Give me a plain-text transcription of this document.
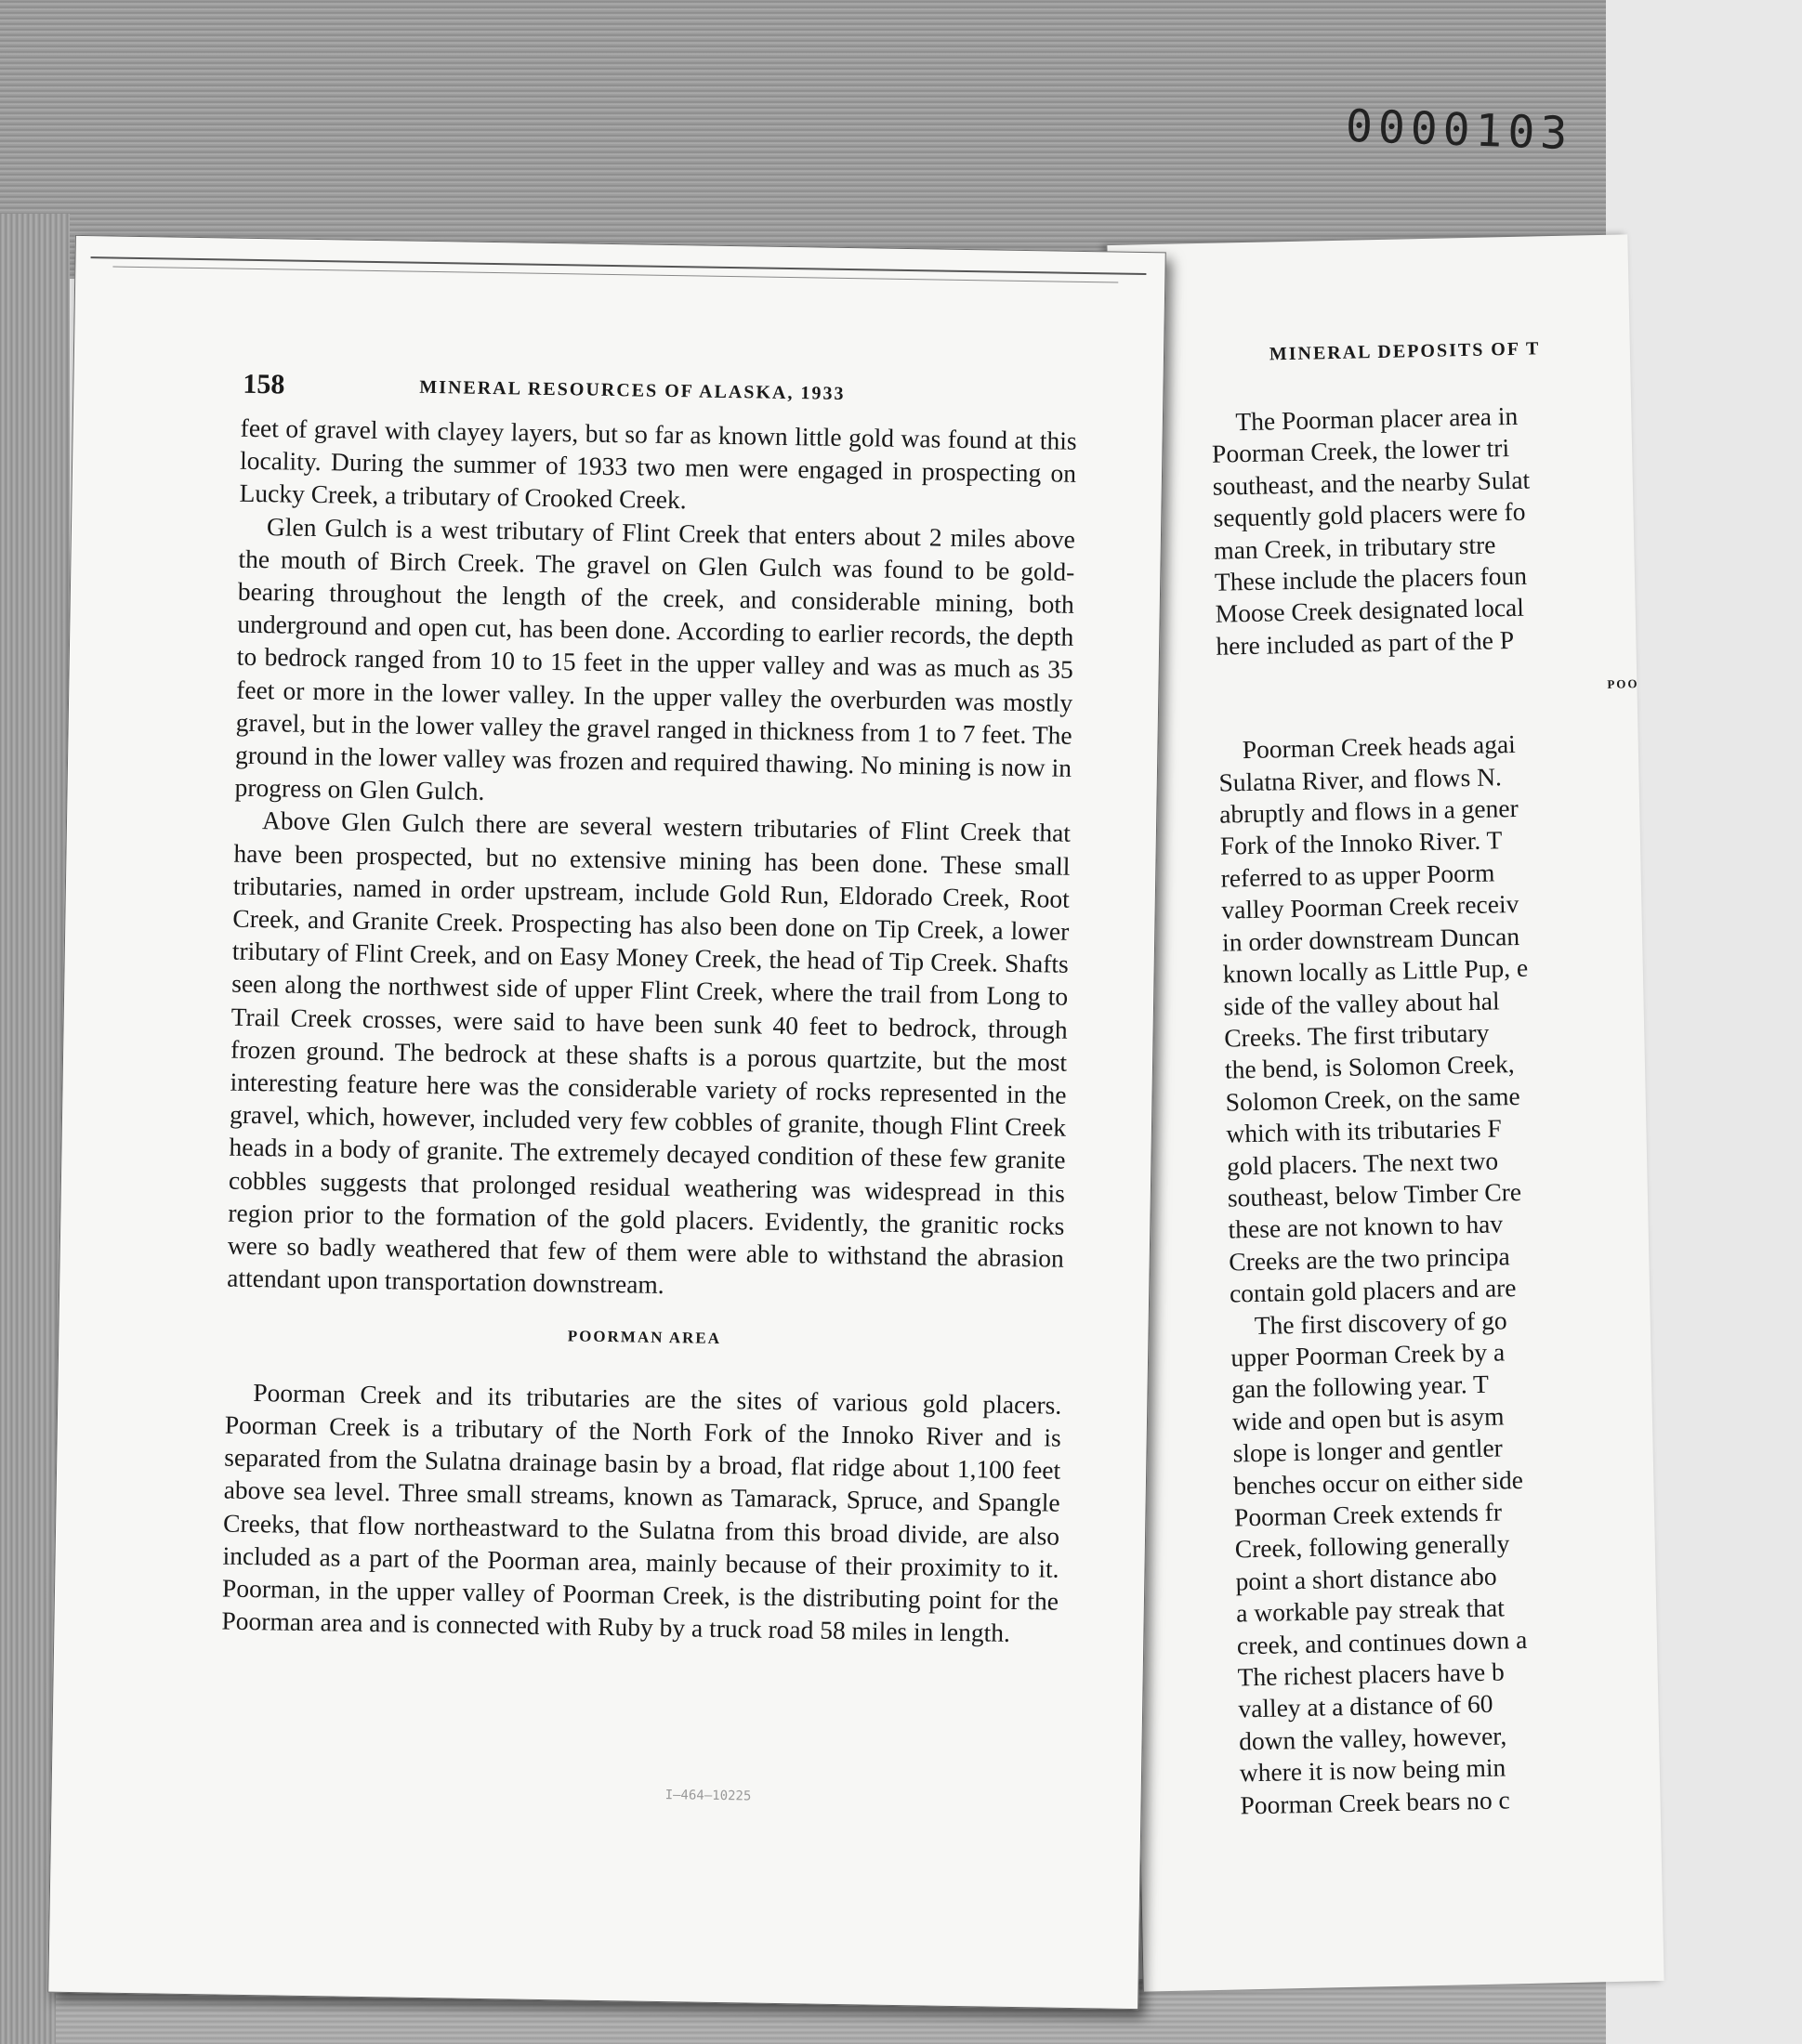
0000103
MINERAL DEPOSITS OF T
The Poorman placer area in
Poorman Creek, the lower tri
southeast, and the nearby Sulat
sequently gold placers were fo
man Creek, in tributary stre
These include the placers foun
Moose Creek designated local
here included as part of the P
POO
Poorman Creek heads agai
Sulatna River, and flows N.
abruptly and flows in a gener
Fork of the Innoko River. T
referred to as upper Poorm
valley Poorman Creek receiv
in order downstream Duncan
known locally as Little Pup, e
side of the valley about hal
Creeks. The first tributary
the bend, is Solomon Creek,
Solomon Creek, on the same
which with its tributaries F
gold placers. The next two
southeast, below Timber Cre
these are not known to hav
Creeks are the two principa
contain gold placers and are
The first discovery of go
upper Poorman Creek by a
gan the following year. T
wide and open but is asym
slope is longer and gentler
benches occur on either side
Poorman Creek extends fr
Creek, following generally
point a short distance abo
a workable pay streak that
creek, and continues down a
The richest placers have b
valley at a distance of 60
down the valley, however,
where it is now being min
Poorman Creek bears no c
158	MINERAL RESOURCES OF ALASKA, 1933

feet of gravel with clayey layers, but so far as known little gold was found at this locality. During the summer of 1933 two men were engaged in prospecting on Lucky Creek, a tributary of Crooked Creek.

Glen Gulch is a west tributary of Flint Creek that enters about 2 miles above the mouth of Birch Creek. The gravel on Glen Gulch was found to be gold-bearing throughout the length of the creek, and considerable mining, both underground and open cut, has been done. According to earlier records, the depth to bedrock ranged from 10 to 15 feet in the upper valley and was as much as 35 feet or more in the lower valley. In the upper valley the overburden was mostly gravel, but in the lower valley the gravel ranged in thickness from 1 to 7 feet. The ground in the lower valley was frozen and required thawing. No mining is now in progress on Glen Gulch.

Above Glen Gulch there are several western tributaries of Flint Creek that have been prospected, but no extensive mining has been done. These small tributaries, named in order upstream, include Gold Run, Eldorado Creek, Root Creek, and Granite Creek. Prospecting has also been done on Tip Creek, a lower tributary of Flint Creek, and on Easy Money Creek, the head of Tip Creek. Shafts seen along the northwest side of upper Flint Creek, where the trail from Long to Trail Creek crosses, were said to have been sunk 40 feet to bedrock, through frozen ground. The bedrock at these shafts is a porous quartzite, but the most interesting feature here was the considerable variety of rocks represented in the gravel, which, however, included very few cobbles of granite, though Flint Creek heads in a body of granite. The extremely decayed condition of these few granite cobbles suggests that prolonged residual weathering was widespread in this region prior to the formation of the gold placers. Evidently, the granitic rocks were so badly weathered that few of them were able to withstand the abrasion attendant upon transportation downstream.

POORMAN AREA

Poorman Creek and its tributaries are the sites of various gold placers. Poorman Creek is a tributary of the North Fork of the Innoko River and is separated from the Sulatna drainage basin by a broad, flat ridge about 1,100 feet above sea level. Three small streams, known as Tamarack, Spruce, and Spangle Creeks, that flow northeastward to the Sulatna from this broad divide, are also included as a part of the Poorman area, mainly because of their proximity to it. Poorman, in the upper valley of Poorman Creek, is the distributing point for the Poorman area and is connected with Ruby by a truck road 58 miles in length.

I—464—10225
